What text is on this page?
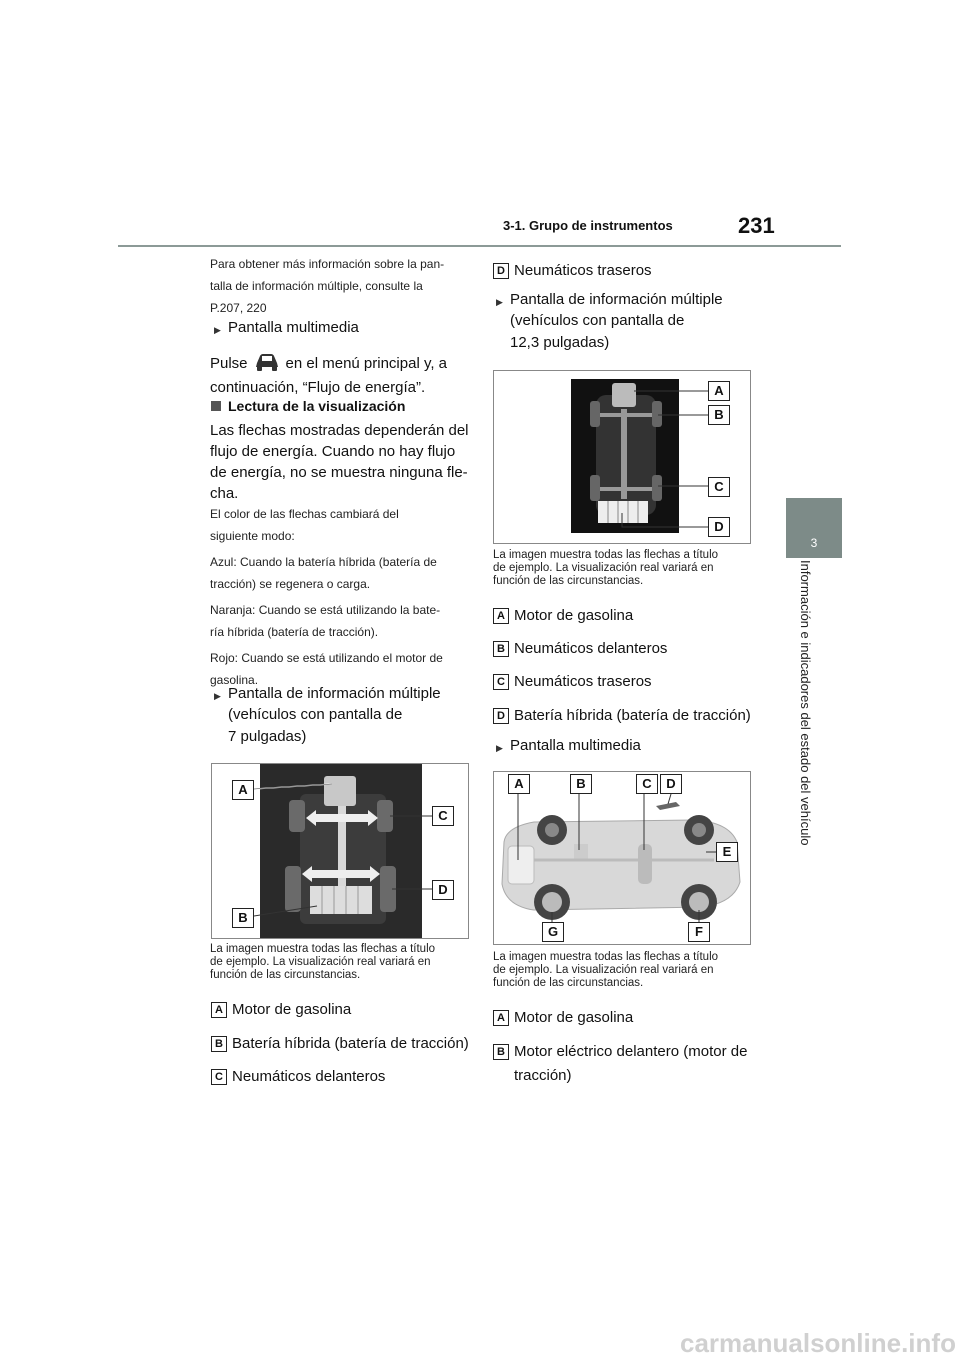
3-1. Grupo de instrumentos	231
3
Información e indicadores del estado del vehículo
Para obtener más información sobre la pan-
talla de información múltiple, consulte la
P.207, 220
▶ Pantalla multimedia
Pulse	en el menú principal y, a
continuación, “Flujo de energía”.
Lectura de la visualización
Las flechas mostradas dependerán del
flujo de energía. Cuando no hay flujo
de energía, no se muestra ninguna fle-
cha.
El color de las flechas cambiará del
siguiente modo:
Azul: Cuando la batería híbrida (batería de
tracción) se regenera o carga.
Naranja: Cuando se está utilizando la bate-
ría híbrida (batería de tracción).
Rojo: Cuando se está utilizando el motor de
gasolina.
▶ Pantalla de información múltiple
(vehículos con pantalla de
7 pulgadas)
A
B
C
D
La imagen muestra todas las flechas a título
de ejemplo. La visualización real variará en
función de las circunstancias.
A Motor de gasolina
B Batería híbrida (batería de tracción)
C Neumáticos delanteros
D Neumáticos traseros
▶ Pantalla de información múltiple
(vehículos con pantalla de
12,3 pulgadas)
A
B
C
D
La imagen muestra todas las flechas a título
de ejemplo. La visualización real variará en
función de las circunstancias.
A Motor de gasolina
B Neumáticos delanteros
C Neumáticos traseros
D Batería híbrida (batería de tracción)
▶ Pantalla multimedia
A	B	C	D
E
F
G
La imagen muestra todas las flechas a título
de ejemplo. La visualización real variará en
función de las circunstancias.
A Motor de gasolina
B Motor eléctrico delantero (motor de
tracción)
carmanualsonline.info
